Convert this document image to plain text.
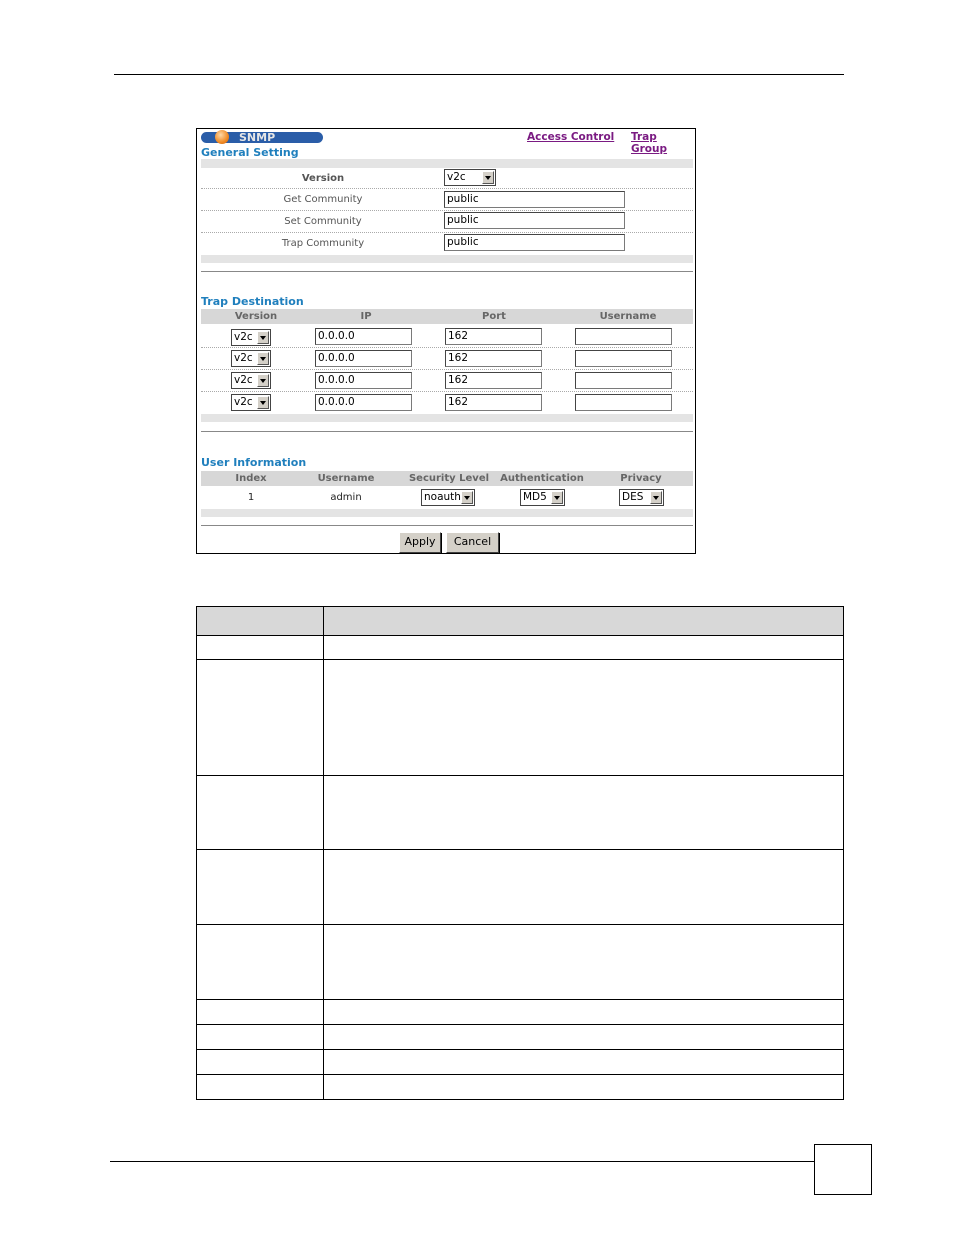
SNMP	Access Control Trap Group
General Setting
Version	v2c
Get Community	public
Set Community	public
Trap Community	public
Trap Destination
Version	IP	Port	Username
v2c	0.0.0.0	162
v2c	0.0.0.0	162
v2c	0.0.0.0	162
v2c	0.0.0.0	162
User Information
Index	Username	Security Level	Authentication	Privacy
1	admin	noauth	MD5	DES
Apply	Cancel
